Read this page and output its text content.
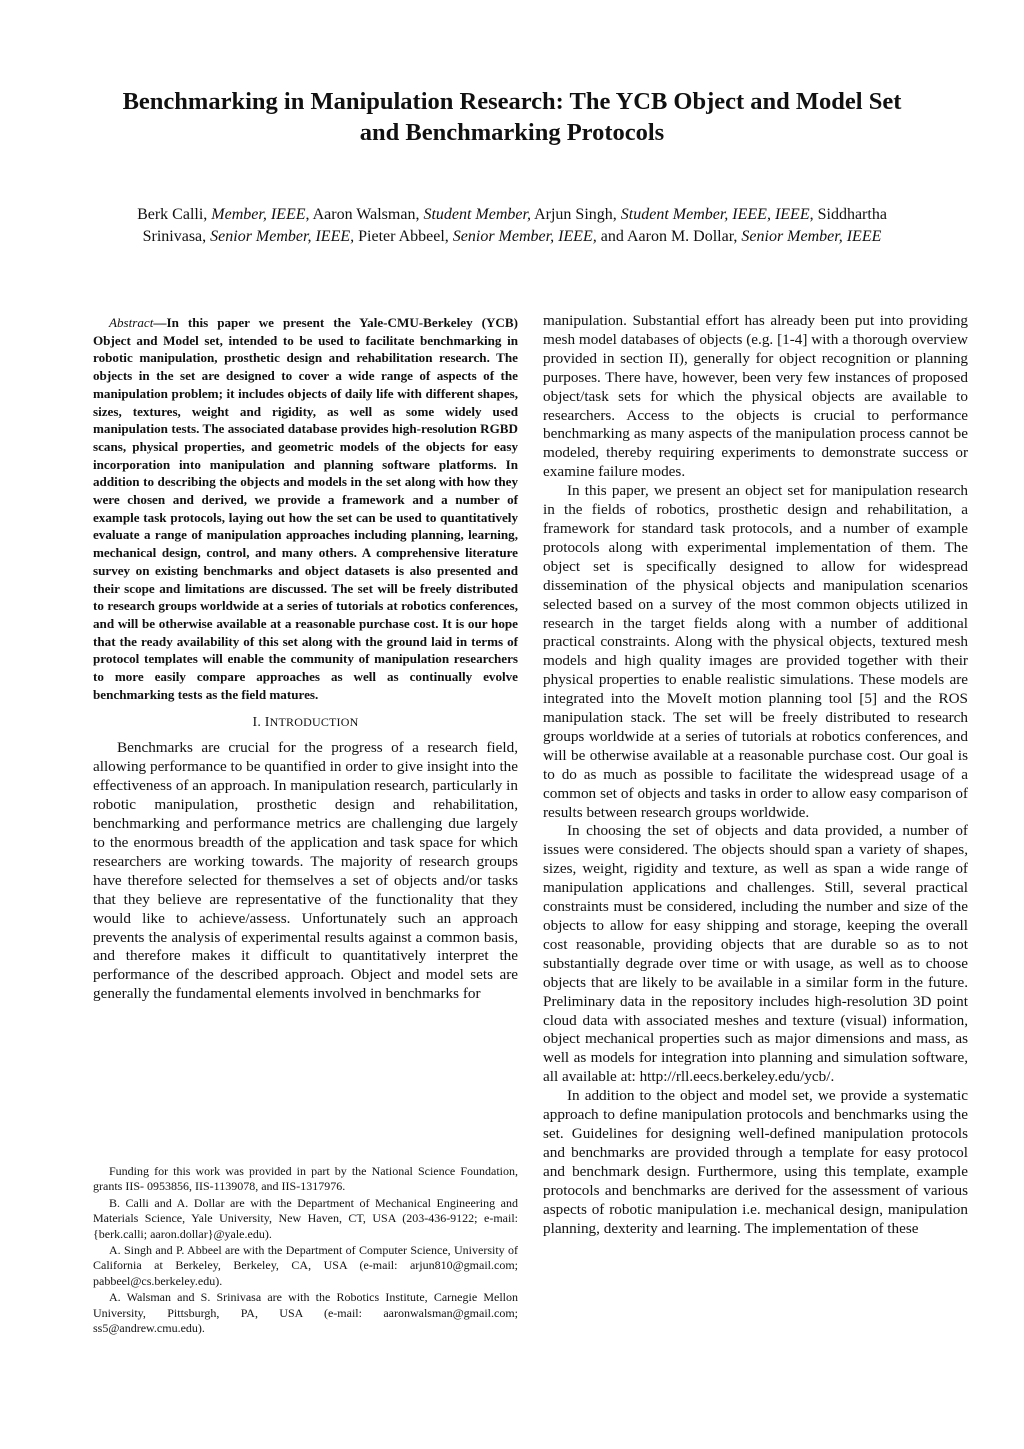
Benchmarking in Manipulation Research: The YCB Object and Model Set and Benchmarking Protocols
Berk Calli, Member, IEEE, Aaron Walsman, Student Member, Arjun Singh, Student Member, IEEE, IEEE, Siddhartha Srinivasa, Senior Member, IEEE, Pieter Abbeel, Senior Member, IEEE, and Aaron M. Dollar, Senior Member, IEEE

Abstract—In this paper we present the Yale-CMU-Berkeley (YCB) Object and Model set, intended to be used to facilitate benchmarking in robotic manipulation, prosthetic design and rehabilitation research. The objects in the set are designed to cover a wide range of aspects of the manipulation problem; it includes objects of daily life with different shapes, sizes, textures, weight and rigidity, as well as some widely used manipulation tests. The associated database provides high-resolution RGBD scans, physical properties, and geometric models of the objects for easy incorporation into manipulation and planning software platforms. In addition to describing the objects and models in the set along with how they were chosen and derived, we provide a framework and a number of example task protocols, laying out how the set can be used to quantitatively evaluate a range of manipulation approaches including planning, learning, mechanical design, control, and many others. A comprehensive literature survey on existing benchmarks and object datasets is also presented and their scope and limitations are discussed. The set will be freely distributed to research groups worldwide at a series of tutorials at robotics conferences, and will be otherwise available at a reasonable purchase cost. It is our hope that the ready availability of this set along with the ground laid in terms of protocol templates will enable the community of manipulation researchers to more easily compare approaches as well as continually evolve benchmarking tests as the field matures.

I. INTRODUCTION

Benchmarks are crucial for the progress of a research field, allowing performance to be quantified in order to give insight into the effectiveness of an approach. In manipulation research, particularly in robotic manipulation, prosthetic design and rehabilitation, benchmarking and performance metrics are challenging due largely to the enormous breadth of the application and task space for which researchers are working towards. The majority of research groups have therefore selected for themselves a set of objects and/or tasks that they believe are representative of the functionality that they would like to achieve/assess. Unfortunately such an approach prevents the analysis of experimental results against a common basis, and therefore makes it difficult to quantitatively interpret the performance of the described approach. Object and model sets are generally the fundamental elements involved in benchmarks for

Funding for this work was provided in part by the National Science Foundation, grants IIS- 0953856, IIS-1139078, and IIS-1317976.

B. Calli and A. Dollar are with the Department of Mechanical Engineering and Materials Science, Yale University, New Haven, CT, USA (203-436-9122; e-mail: {berk.calli; aaron.dollar}@yale.edu).

A. Singh and P. Abbeel are with the Department of Computer Science, University of California at Berkeley, Berkeley, CA, USA (e-mail: arjun810@gmail.com; pabbeel@cs.berkeley.edu).

A. Walsman and S. Srinivasa are with the Robotics Institute, Carnegie Mellon University, Pittsburgh, PA, USA (e-mail: aaronwalsman@gmail.com; ss5@andrew.cmu.edu).

manipulation. Substantial effort has already been put into providing mesh model databases of objects (e.g. [1-4] with a thorough overview provided in section II), generally for object recognition or planning purposes. There have, however, been very few instances of proposed object/task sets for which the physical objects are available to researchers. Access to the objects is crucial to performance benchmarking as many aspects of the manipulation process cannot be modeled, thereby requiring experiments to demonstrate success or examine failure modes.

In this paper, we present an object set for manipulation research in the fields of robotics, prosthetic design and rehabilitation, a framework for standard task protocols, and a number of example protocols along with experimental implementation of them. The object set is specifically designed to allow for widespread dissemination of the physical objects and manipulation scenarios selected based on a survey of the most common objects utilized in research in the target fields along with a number of additional practical constraints. Along with the physical objects, textured mesh models and high quality images are provided together with their physical properties to enable realistic simulations. These models are integrated into the MoveIt motion planning tool [5] and the ROS manipulation stack. The set will be freely distributed to research groups worldwide at a series of tutorials at robotics conferences, and will be otherwise available at a reasonable purchase cost. Our goal is to do as much as possible to facilitate the widespread usage of a common set of objects and tasks in order to allow easy comparison of results between research groups worldwide.

In choosing the set of objects and data provided, a number of issues were considered. The objects should span a variety of shapes, sizes, weight, rigidity and texture, as well as span a wide range of manipulation applications and challenges. Still, several practical constraints must be considered, including the number and size of the objects to allow for easy shipping and storage, keeping the overall cost reasonable, providing objects that are durable so as to not substantially degrade over time or with usage, as well as to choose objects that are likely to be available in a similar form in the future. Preliminary data in the repository includes high-resolution 3D point cloud data with associated meshes and texture (visual) information, object mechanical properties such as major dimensions and mass, as well as models for integration into planning and simulation software, all available at: http://rll.eecs.berkeley.edu/ycb/.

In addition to the object and model set, we provide a systematic approach to define manipulation protocols and benchmarks using the set. Guidelines for designing well-defined manipulation protocols and benchmarks are provided through a template for easy protocol and benchmark design. Furthermore, using this template, example protocols and benchmarks are derived for the assessment of various aspects of robotic manipulation i.e. mechanical design, manipulation planning, dexterity and learning. The implementation of these
